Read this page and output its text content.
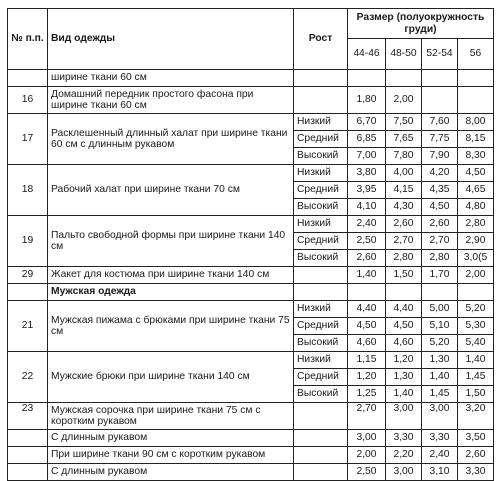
№ п.п.	Вид одежды	Рост	Размер (полуокружность груди)			
			44-46	48-50	52-54	56
	ширине ткани 60 см					
16	Домашний передник простого фасона при ширине ткани 60 см		1,80	2,00		
17	Расклешенный длинный халат при ширине ткани 60 см с длинным рукавом	Низкий	6,70	7,50	7,60	8,00
		Средний	6,85	7,65	7,75	8,15
		Высокий	7,00	7,80	7,90	8,30
18	Рабочий халат при ширине ткани 70 см	Низкий	3,80	4,00	4,20	4,50
		Средний	3,95	4,15	4,35	4,65
		Высокий	4,10	4,30	4,50	4,80
19	Пальто свободной формы при ширине ткани 140 см	Низкий	2,40	2,60	2,60	2,80
		Средний	2,50	2,70	2,70	2,90
		Высокий	2,60	2,80	2,80	3,0(5
29	Жакет для костюма при ширине ткани 140 см		1,40	1,50	1,70	2,00
	Мужская одежда					
21	Мужская пижама с брюками при ширине ткани 75 см	Низкий	4,40	4,40	5,00	5,20
		Средний	4,50	4,50	5,10	5,30
		Высокий	4,60	4,60	5,20	5,40
22	Мужские брюки при ширине ткани 140 см	Низкий	1,15	1,20	1,30	1,40
		Средний	1,20	1,30	1,40	1,45
		Высокий	1,25	1,40	1,45	1,50
23	Мужская сорочка при ширине ткани 75 см с коротким рукавом		2,70	3,00	3,00	3,20
	С длинным рукавом		3,00	3,30	3,30	3,50
	При ширине ткани 90 см с коротким рукавом		2,00	2,20	2,40	2,60
	С длинным рукавом		2,50	3,00	3,10	3,30
